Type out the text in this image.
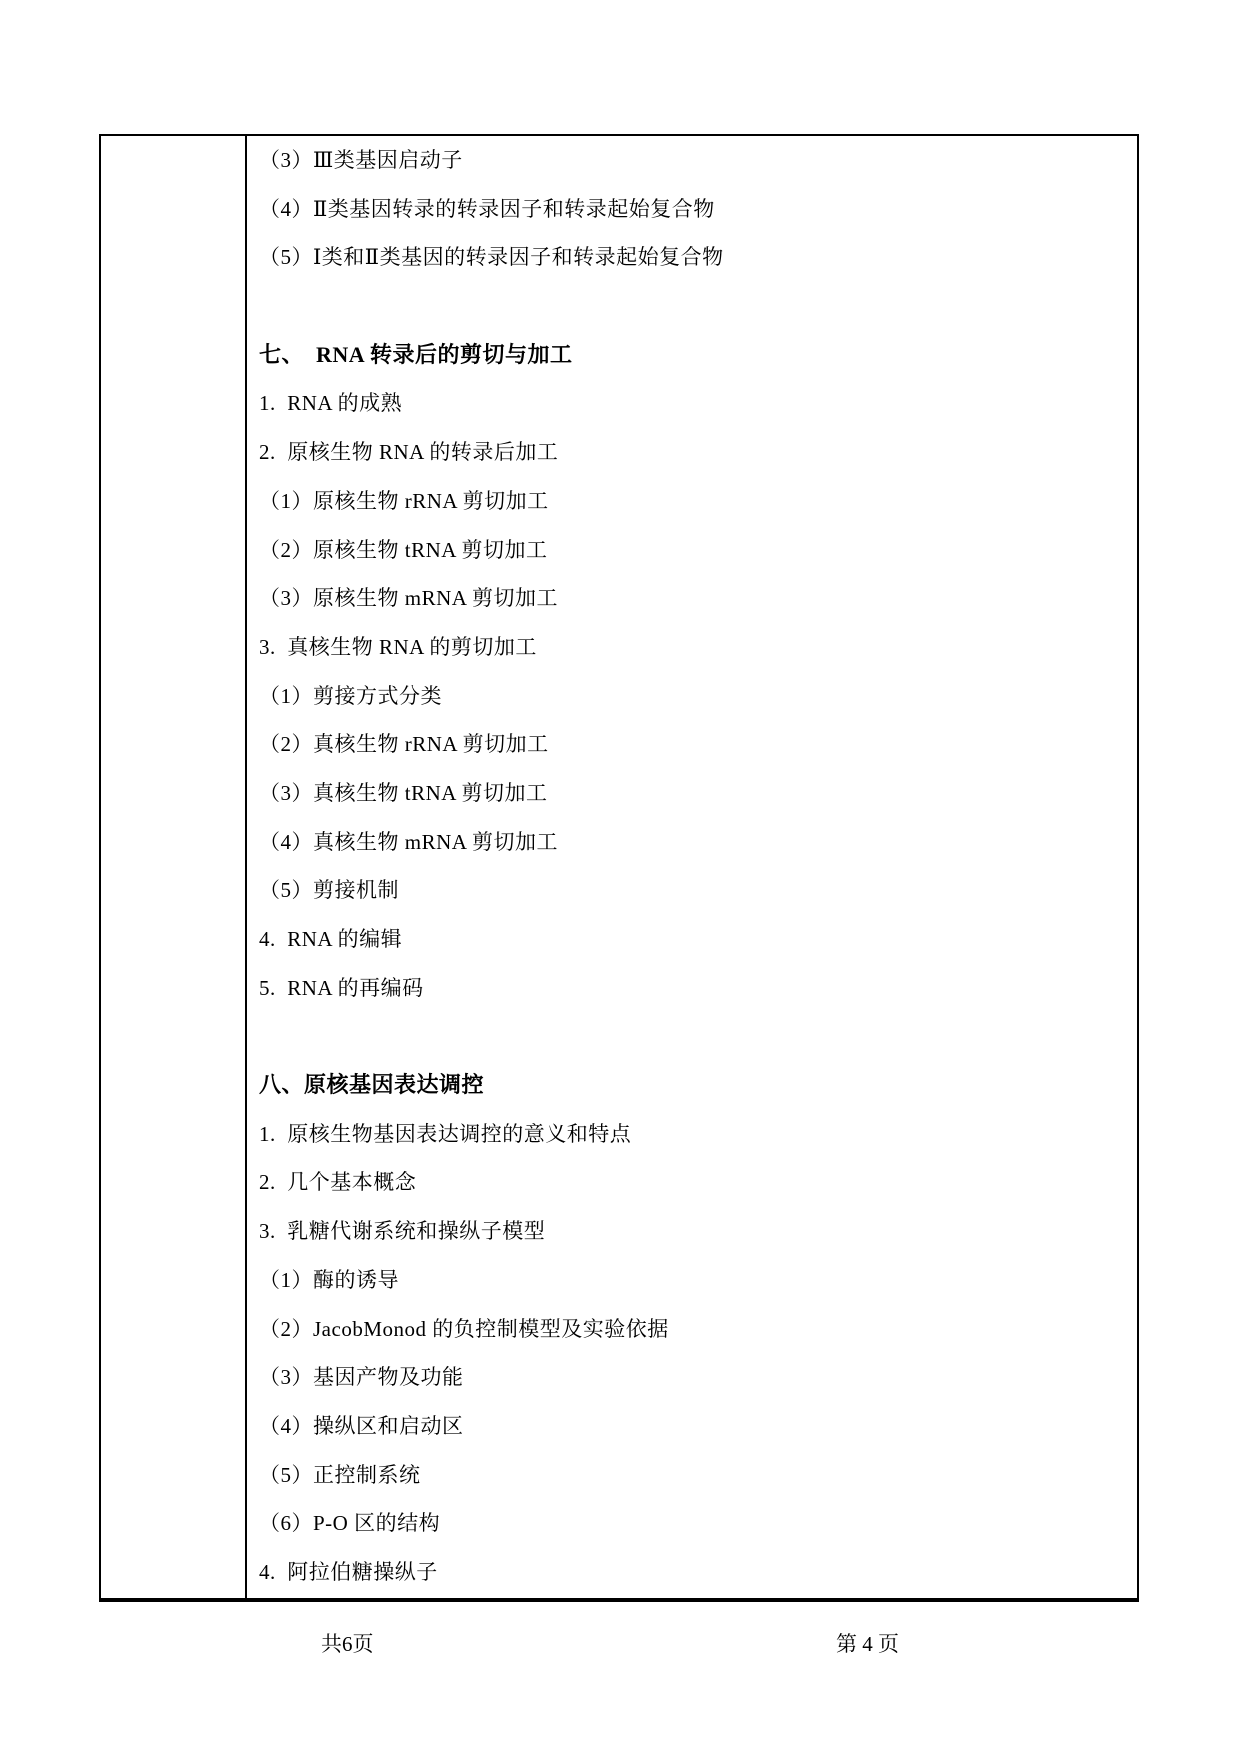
（3）Ⅲ类基因启动子
（4）Ⅱ类基因转录的转录因子和转录起始复合物
（5）Ⅰ类和Ⅱ类基因的转录因子和转录起始复合物
七、  RNA 转录后的剪切与加工
1.  RNA 的成熟
2.  原核生物 RNA 的转录后加工
（1）原核生物 rRNA 剪切加工
（2）原核生物 tRNA 剪切加工
（3）原核生物 mRNA 剪切加工
3.  真核生物 RNA 的剪切加工
（1）剪接方式分类
（2）真核生物 rRNA 剪切加工
（3）真核生物 tRNA 剪切加工
（4）真核生物 mRNA 剪切加工
（5）剪接机制
4.  RNA 的编辑
5.  RNA 的再编码
八、原核基因表达调控
1.  原核生物基因表达调控的意义和特点
2.  几个基本概念
3.  乳糖代谢系统和操纵子模型
（1）酶的诱导
（2）JacobMonod 的负控制模型及实验依据
（3）基因产物及功能
（4）操纵区和启动区
（5）正控制系统
（6）P-O 区的结构
4.  阿拉伯糖操纵子
共6页	第 4 页
